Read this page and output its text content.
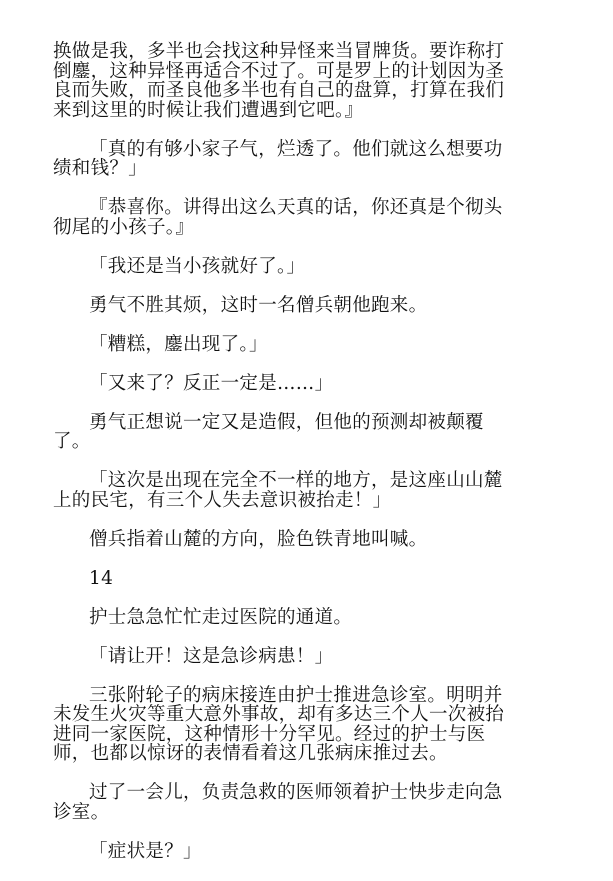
换做是我，多半也会找这种异怪来当冒牌货。要诈称打倒鏖，这种异怪再适合不过了。可是罗上的计划因为圣良而失败，而圣良他多半也有自己的盘算，打算在我们来到这里的时候让我们遭遇到它吧。』

「真的有够小家子气，烂透了。他们就这么想要功绩和钱？」

『恭喜你。讲得出这么天真的话，你还真是个彻头彻尾的小孩子。』

「我还是当小孩就好了。」

勇气不胜其烦，这时一名僧兵朝他跑来。

「糟糕，鏖出现了。」

「又来了？反正一定是……」

勇气正想说一定又是造假，但他的预测却被颠覆了。

「这次是出现在完全不一样的地方，是这座山山麓上的民宅，有三个人失去意识被抬走！」

僧兵指着山麓的方向，脸色铁青地叫喊。

14

护士急急忙忙走过医院的通道。

「请让开！这是急诊病患！」

三张附轮子的病床接连由护士推进急诊室。明明并未发生火灾等重大意外事故，却有多达三个人一次被抬进同一家医院，这种情形十分罕见。经过的护士与医师，也都以惊讶的表情看着这几张病床推过去。

过了一会儿，负责急救的医师领着护士快步走向急诊室。

「症状是？」
